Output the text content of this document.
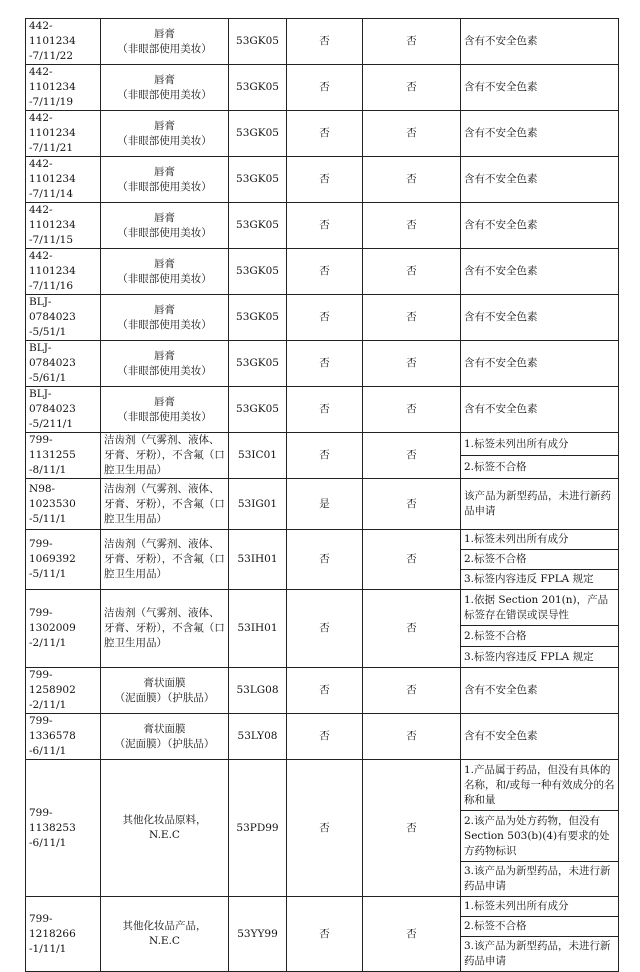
442-1101234
-7/11/22	唇膏
（非眼部使用美妆）	53GK05	否	否	含有不安全色素
442-1101234
-7/11/19	唇膏
（非眼部使用美妆）	53GK05	否	否	含有不安全色素
442-1101234
-7/11/21	唇膏
（非眼部使用美妆）	53GK05	否	否	含有不安全色素
442-1101234
-7/11/14	唇膏
（非眼部使用美妆）	53GK05	否	否	含有不安全色素
442-1101234
-7/11/15	唇膏
（非眼部使用美妆）	53GK05	否	否	含有不安全色素
442-1101234
-7/11/16	唇膏
（非眼部使用美妆）	53GK05	否	否	含有不安全色素
BLJ-0784023
-5/51/1	唇膏
（非眼部使用美妆）	53GK05	否	否	含有不安全色素
BLJ-0784023
-5/61/1	唇膏
（非眼部使用美妆）	53GK05	否	否	含有不安全色素
BLJ-0784023
-5/211/1	唇膏
（非眼部使用美妆）	53GK05	否	否	含有不安全色素
799-1131255
-8/11/1	洁齿剂（气雾剂、液体、
牙膏、牙粉），不含氟（口
腔卫生用品）	53IC01	否	否	1.标签未列出所有成分
					2.标签不合格
N98-1023530
-5/11/1	洁齿剂（气雾剂、液体、
牙膏、牙粉），不含氟（口
腔卫生用品）	53IG01	是	否	该产品为新型药品，未进行新药品申请
799-1069392
-5/11/1	洁齿剂（气雾剂、液体、
牙膏、牙粉），不含氟（口
腔卫生用品）	53IH01	否	否	1.标签未列出所有成分
					2.标签不合格
					3.标签内容违反 FPLA 规定
799-1302009
-2/11/1	洁齿剂（气雾剂、液体、
牙膏、牙粉），不含氟（口
腔卫生用品）	53IH01	否	否	1.依据 Section 201(n)，产品标签存在错误或误导性
					2.标签不合格
					3.标签内容违反 FPLA 规定
799-1258902
-2/11/1	膏状面膜
（泥面膜）（护肤品）	53LG08	否	否	含有不安全色素
799-1336578
-6/11/1	膏状面膜
（泥面膜）（护肤品）	53LY08	否	否	含有不安全色素
799-1138253
-6/11/1	其他化妆品原料，
N.E.C	53PD99	否	否	1.产品属于药品，但没有具体的名称，和/或每一种有效成分的名称和量
					2.该产品为处方药物，但没有 Section 503(b)(4)有要求的处方药物标识
					3.该产品为新型药品，未进行新药品申请
799-1218266
-1/11/1	其他化妆品产品，
N.E.C	53YY99	否	否	1.标签未列出所有成分
					2.标签不合格
					3.该产品为新型药品，未进行新药品申请
